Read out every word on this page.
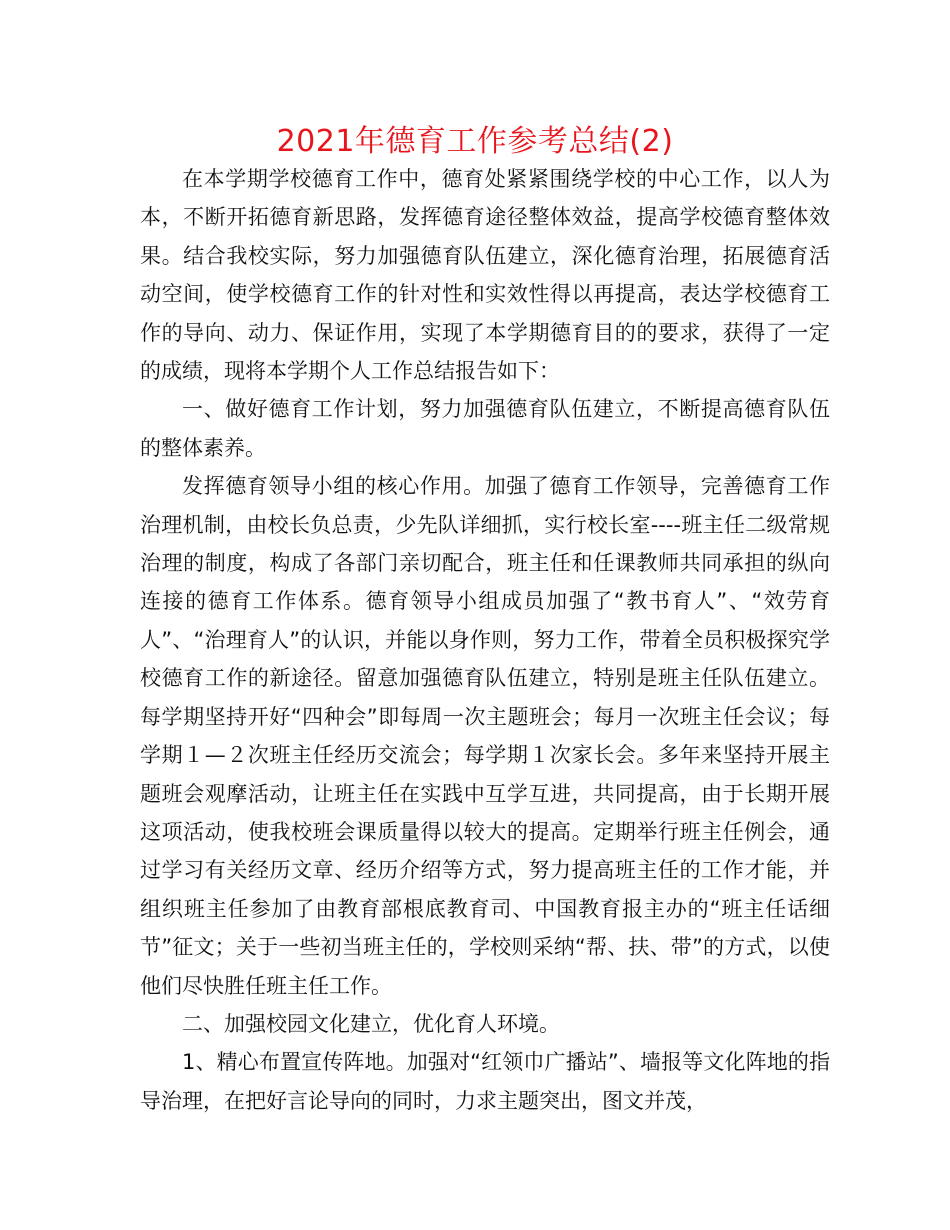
2021年德育工作参考总结(2)

在本学期学校德育工作中，德育处紧紧围绕学校的中心工作，以人为本，不断开拓德育新思路，发挥德育途径整体效益，提高学校德育整体效果。结合我校实际，努力加强德育队伍建立，深化德育治理，拓展德育活动空间，使学校德育工作的针对性和实效性得以再提高，表达学校德育工作的导向、动力、保证作用，实现了本学期德育目的的要求，获得了一定的成绩，现将本学期个人工作总结报告如下：

一、做好德育工作计划，努力加强德育队伍建立，不断提高德育队伍的整体素养。

发挥德育领导小组的核心作用。加强了德育工作领导，完善德育工作治理机制，由校长负总责，少先队详细抓，实行校长室----班主任二级常规治理的制度，构成了各部门亲切配合，班主任和任课教师共同承担的纵向连接的德育工作体系。德育领导小组成员加强了“教书育人”、“效劳育人”、“治理育人”的认识，并能以身作则，努力工作，带着全员积极探究学校德育工作的新途径。留意加强德育队伍建立，特别是班主任队伍建立。每学期坚持开好“四种会”即每周一次主题班会；每月一次班主任会议；每学期１—２次班主任经历交流会；每学期１次家长会。多年来坚持开展主题班会观摩活动，让班主任在实践中互学互进，共同提高，由于长期开展这项活动，使我校班会课质量得以较大的提高。定期举行班主任例会，通过学习有关经历文章、经历介绍等方式，努力提高班主任的工作才能，并组织班主任参加了由教育部根底教育司、中国教育报主办的“班主任话细节”征文；关于一些初当班主任的，学校则采纳“帮、扶、带”的方式，以使他们尽快胜任班主任工作。

二、加强校园文化建立，优化育人环境。

1、精心布置宣传阵地。加强对“红领巾广播站”、墙报等文化阵地的指导治理，在把好言论导向的同时，力求主题突出，图文并茂，
